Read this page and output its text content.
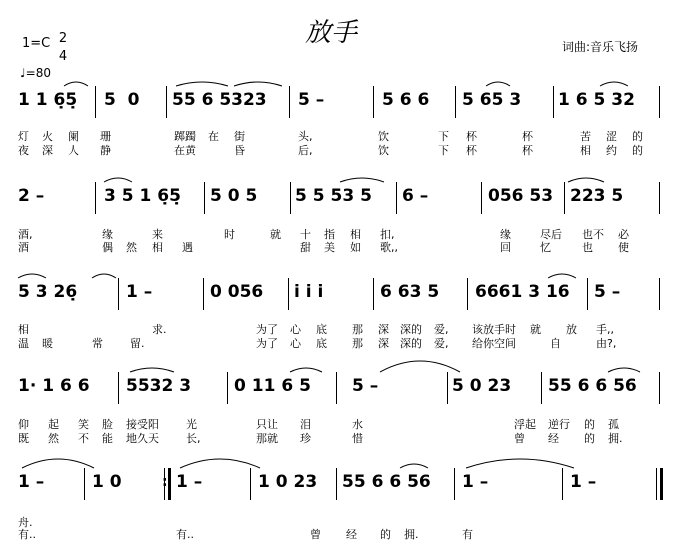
放手
1=C 2
4
♩=80
词曲:音乐飞扬
1 1 6̣5̣ 5  0 55 6 5323 5 –	5 6 6 5 65 3 1 6 5 32
灯 火 阑 珊	踯躅 在 街	头,	饮	下 杯	杯	苦 涩 的
夜 深 人 静	在黄	昏	后,	饮	下 杯	杯	相 约 的
2 –	3 5 1 6̣5̣ 5 0 5 5 5 53 5 6 –	056 53 223 5
酒,	缘	来	时	就 十 指 相 扣,	缘	尽后 也不 必
酒	偶 然 相 遇	甜 美 如 歌,,	回	忆	也 使
5 3 26̣	1 –	0 056 i i i	6 63 5 6661 3 16 5 –
相	求.	为了 心 底 那 深 深的 爱, 该放手时 就 放 手,,
温 暖	常 留.	为了 心 底 那 深 深的 爱, 给你空间	自	由?,
1· 1 6 6 5532 3	0 11 6 5 5 –	5 0 23 55 6 6 56
仰 起 笑 脸 接受阳 光	只让 泪	水	浮起 逆行 的 孤
既 然 不 能 地久天 长,	那就 珍	惜	曾 经 的 拥.
1 –	1 0	1 –	1 0 23 55 6 6 56 1 –	1 –
:
舟.
有..	有..	曾 经 的 拥.	有
